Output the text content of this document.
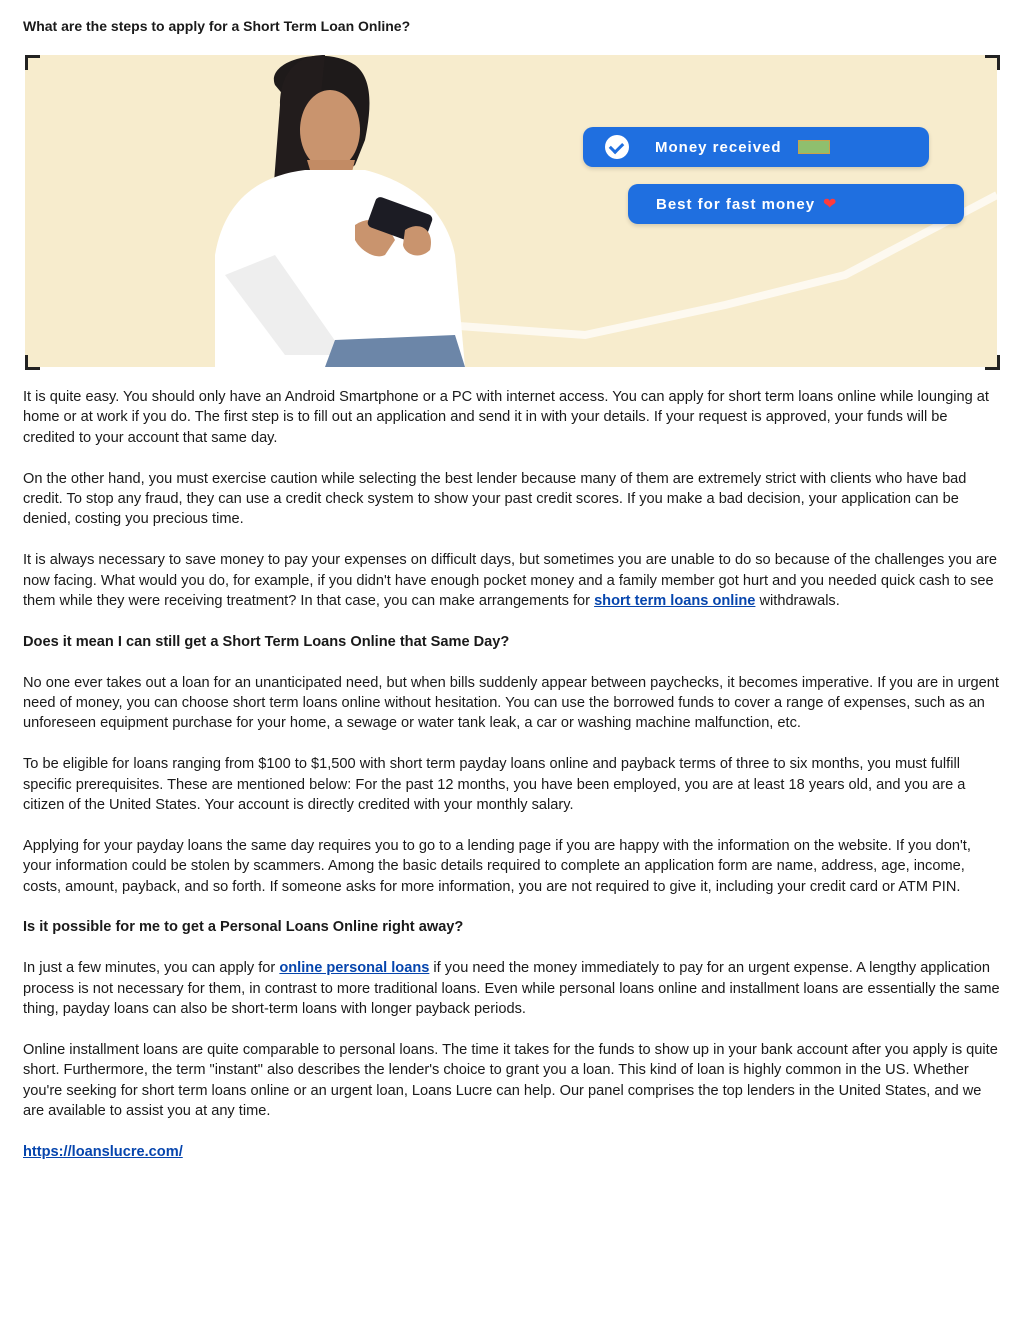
What are the steps to apply for a Short Term Loan Online?
Money received
Best for fast money ❤

It is quite easy. You should only have an Android Smartphone or a PC with internet access. You can apply for short term loans online while lounging at home or at work if you do. The first step is to fill out an application and send it in with your details. If your request is approved, your funds will be credited to your account that same day.

On the other hand, you must exercise caution while selecting the best lender because many of them are extremely strict with clients who have bad credit. To stop any fraud, they can use a credit check system to show your past credit scores. If you make a bad decision, your application can be denied, costing you precious time.

It is always necessary to save money to pay your expenses on difficult days, but sometimes you are unable to do so because of the challenges you are now facing. What would you do, for example, if you didn't have enough pocket money and a family member got hurt and you needed quick cash to see them while they were receiving treatment? In that case, you can make arrangements for short term loans online withdrawals.

Does it mean I can still get a Short Term Loans Online that Same Day?

No one ever takes out a loan for an unanticipated need, but when bills suddenly appear between paychecks, it becomes imperative. If you are in urgent need of money, you can choose short term loans online without hesitation. You can use the borrowed funds to cover a range of expenses, such as an unforeseen equipment purchase for your home, a sewage or water tank leak, a car or washing machine malfunction, etc.

To be eligible for loans ranging from $100 to $1,500 with short term payday loans online and payback terms of three to six months, you must fulfill specific prerequisites. These are mentioned below: For the past 12 months, you have been employed, you are at least 18 years old, and you are a citizen of the United States. Your account is directly credited with your monthly salary.

Applying for your payday loans the same day requires you to go to a lending page if you are happy with the information on the website. If you don't, your information could be stolen by scammers. Among the basic details required to complete an application form are name, address, age, income, costs, amount, payback, and so forth. If someone asks for more information, you are not required to give it, including your credit card or ATM PIN.

Is it possible for me to get a Personal Loans Online right away?

In just a few minutes, you can apply for online personal loans if you need the money immediately to pay for an urgent expense. A lengthy application process is not necessary for them, in contrast to more traditional loans. Even while personal loans online and installment loans are essentially the same thing, payday loans can also be short-term loans with longer payback periods.

Online installment loans are quite comparable to personal loans. The time it takes for the funds to show up in your bank account after you apply is quite short. Furthermore, the term "instant" also describes the lender's choice to grant you a loan. This kind of loan is highly common in the US. Whether you're seeking for short term loans online or an urgent loan, Loans Lucre can help. Our panel comprises the top lenders in the United States, and we are available to assist you at any time.

https://loanslucre.com/
